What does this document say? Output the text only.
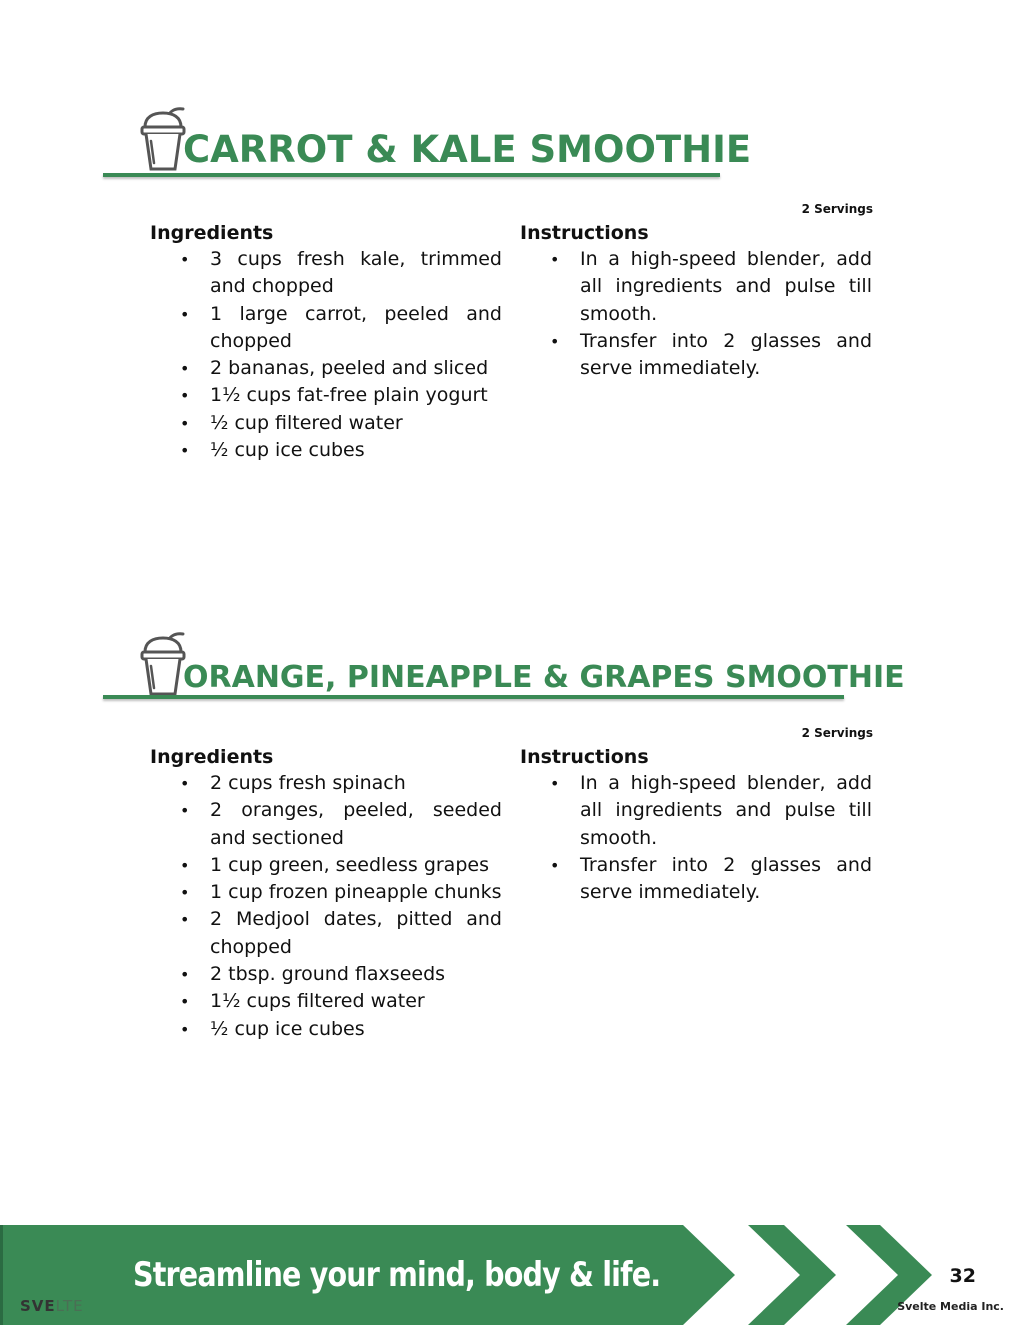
CARROT & KALE SMOOTHIE
2 Servings
Ingredients
• 3 cups fresh kale, trimmed and chopped
• 1 large carrot, peeled and chopped
• 2 bananas, peeled and sliced
• 1½ cups fat-free plain yogurt
• ½ cup filtered water
• ½ cup ice cubes
Instructions
• In a high-speed blender, add all ingredients and pulse till smooth.
• Transfer into 2 glasses and serve immediately.
ORANGE, PINEAPPLE & GRAPES SMOOTHIE
2 Servings
Ingredients
• 2 cups fresh spinach
• 2 oranges, peeled, seeded and sectioned
• 1 cup green, seedless grapes
• 1 cup frozen pineapple chunks
• 2 Medjool dates, pitted and chopped
• 2 tbsp. ground flaxseeds
• 1½ cups filtered water
• ½ cup ice cubes
Instructions
• In a high-speed blender, add all ingredients and pulse till smooth.
• Transfer into 2 glasses and serve immediately.
Streamline your mind, body & life.
SVELTE
32
Svelte Media Inc.
